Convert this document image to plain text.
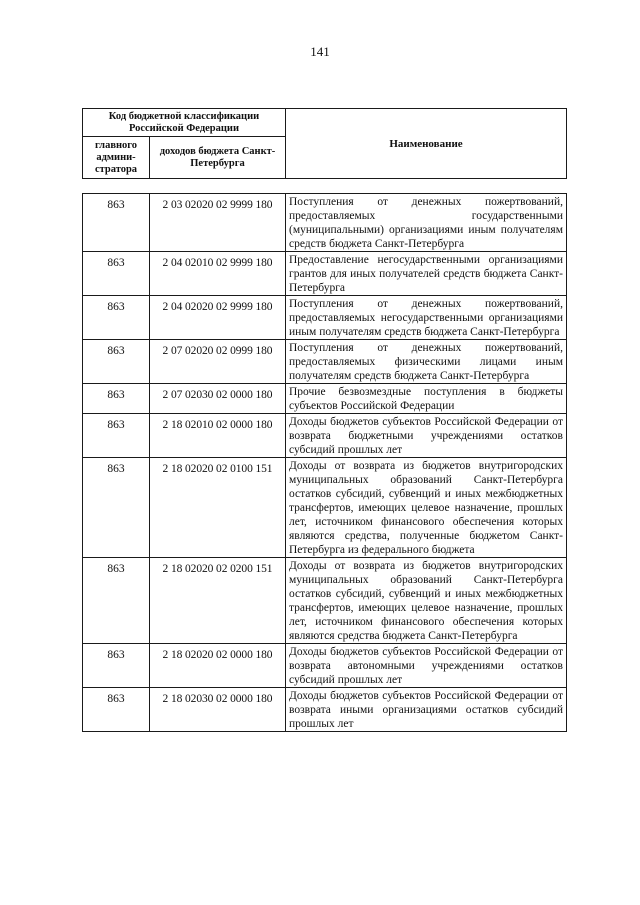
141
Код бюджетной классификации Российской Федерации		Наименование
главного админи-стратора	доходов бюджета Санкт-Петербурга	
863	2 03 02020 02 9999 180	Поступления от денежных пожертвований, предоставляемых государственными (муниципальными) организациями иным получателям средств бюджета Санкт-Петербурга
863	2 04 02010 02 9999 180	Предоставление негосударственными организациями грантов для иных получателей средств бюджета Санкт-Петербурга
863	2 04 02020 02 9999 180	Поступления от денежных пожертвований, предоставляемых негосударственными организациями иным получателям средств бюджета Санкт-Петербурга
863	2 07 02020 02 0999 180	Поступления от денежных пожертвований, предоставляемых физическими лицами иным получателям средств бюджета Санкт-Петербурга
863	2 07 02030 02 0000 180	Прочие безвозмездные поступления в бюджеты субъектов Российской Федерации
863	2 18 02010 02 0000 180	Доходы бюджетов субъектов Российской Федерации от возврата бюджетными учреждениями остатков субсидий прошлых лет
863	2 18 02020 02 0100 151	Доходы от возврата из бюджетов внутригородских муниципальных образований Санкт-Петербурга остатков субсидий, субвенций и иных межбюджетных трансфертов, имеющих целевое назначение, прошлых лет, источником финансового обеспечения которых являются средства, полученные бюджетом Санкт-Петербурга из федерального бюджета
863	2 18 02020 02 0200 151	Доходы от возврата из бюджетов внутригородских муниципальных образований Санкт-Петербурга остатков субсидий, субвенций и иных межбюджетных трансфертов, имеющих целевое назначение, прошлых лет, источником финансового обеспечения которых являются средства бюджета Санкт-Петербурга
863	2 18 02020 02 0000 180	Доходы бюджетов субъектов Российской Федерации от возврата автономными учреждениями остатков субсидий прошлых лет
863	2 18 02030 02 0000 180	Доходы бюджетов субъектов Российской Федерации от возврата иными организациями остатков субсидий прошлых лет
